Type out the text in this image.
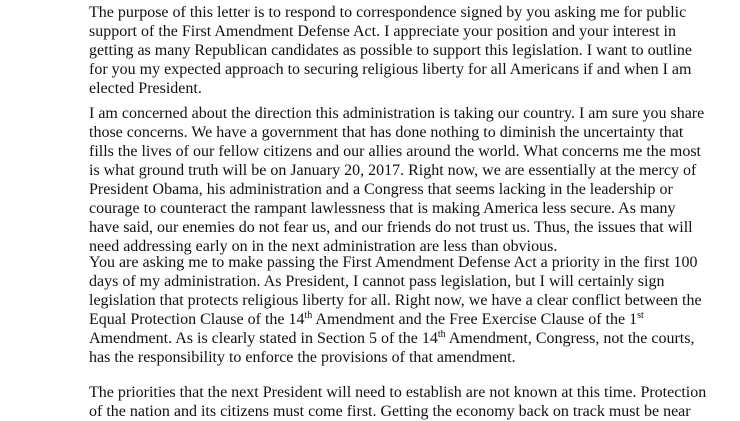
The purpose of this letter is to respond to correspondence signed by you asking me for public
support of the First Amendment Defense Act. I appreciate your position and your interest in
getting as many Republican candidates as possible to support this legislation. I want to outline
for you my expected approach to securing religious liberty for all Americans if and when I am
elected President.
I am concerned about the direction this administration is taking our country. I am sure you share
those concerns. We have a government that has done nothing to diminish the uncertainty that
fills the lives of our fellow citizens and our allies around the world. What concerns me the most
is what ground truth will be on January 20, 2017. Right now, we are essentially at the mercy of
President Obama, his administration and a Congress that seems lacking in the leadership or
courage to counteract the rampant lawlessness that is making America less secure. As many
have said, our enemies do not fear us, and our friends do not trust us. Thus, the issues that will
need addressing early on in the next administration are less than obvious.
You are asking me to make passing the First Amendment Defense Act a priority in the first 100
days of my administration. As President, I cannot pass legislation, but I will certainly sign
legislation that protects religious liberty for all. Right now, we have a clear conflict between the
Equal Protection Clause of the 14th Amendment and the Free Exercise Clause of the 1st
Amendment. As is clearly stated in Section 5 of the 14th Amendment, Congress, not the courts,
has the responsibility to enforce the provisions of that amendment.
The priorities that the next President will need to establish are not known at this time. Protection
of the nation and its citizens must come first. Getting the economy back on track must be near
